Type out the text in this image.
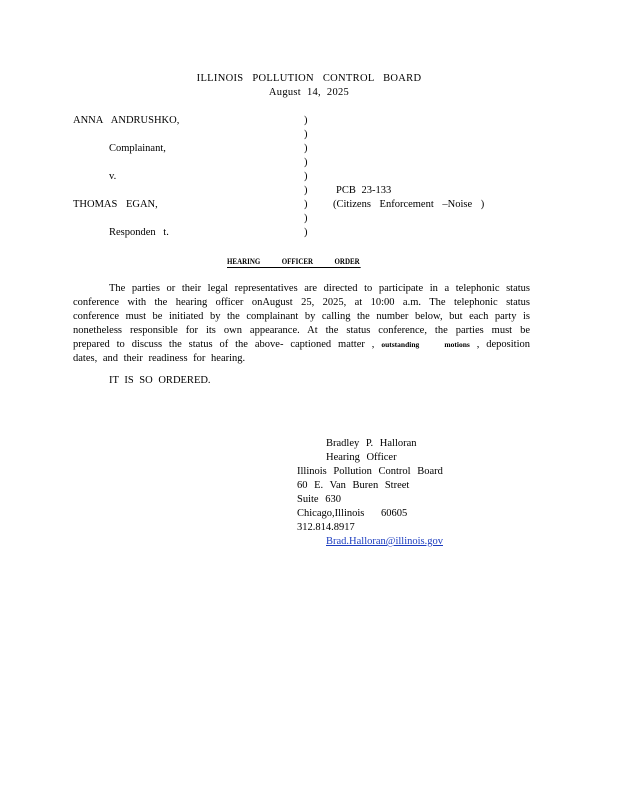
ILLINOIS POLLUTION CONTROL BOARD
August 14, 2025
ANNA ANDRUSHKO,
Complainant,
v.
THOMAS EGAN,
Responden t.
)
)
)
)
)
)
)
)
)
PCB 23-133
(Citizens Enforcement –Noise )
HEARING OFFICER ORDER
The parties or their legal representatives are directed to participate in a telephonic status conference with the hearing officer onAugust 25, 2025, at 10:00 a.m. The telephonic status conference must be initiated by the complainant by calling the number below, but each party is nonetheless responsible for its own appearance. At the status conference, the parties must be prepared to discuss the status of the above- captioned matter , outstanding motions , deposition dates, and their readiness for hearing.
IT IS SO ORDERED.
Bradley P. Halloran
Hearing Officer
Illinois Pollution Control Board
60 E. Van Buren Street
Suite 630
Chicago,Illinois 60605
312.814.8917
Brad.Halloran@illinois.gov
